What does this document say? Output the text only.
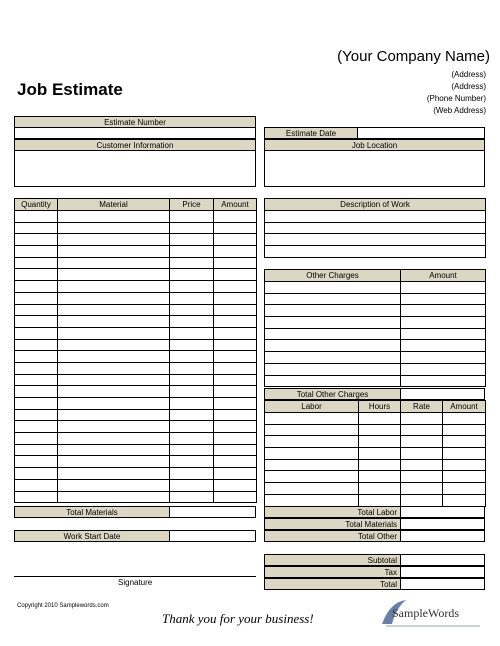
(Your Company Name)
(Address)
(Address)
(Phone Number)
(Web Address)
Job Estimate
Estimate Number
Estimate Date
Customer Information	Job Location
Quantity	Material	Price	Amount

Total Materials
Work Start Date
Signature
Description of Work

Other Charges	Amount

Total Other Charges
Labor	Hours	Rate	Amount

Total Labor
Total Materials
Total Other
Subtotal
Tax
Total
Copyright 2010 Samplewords.com
Thank you for your business!	SampleWords
